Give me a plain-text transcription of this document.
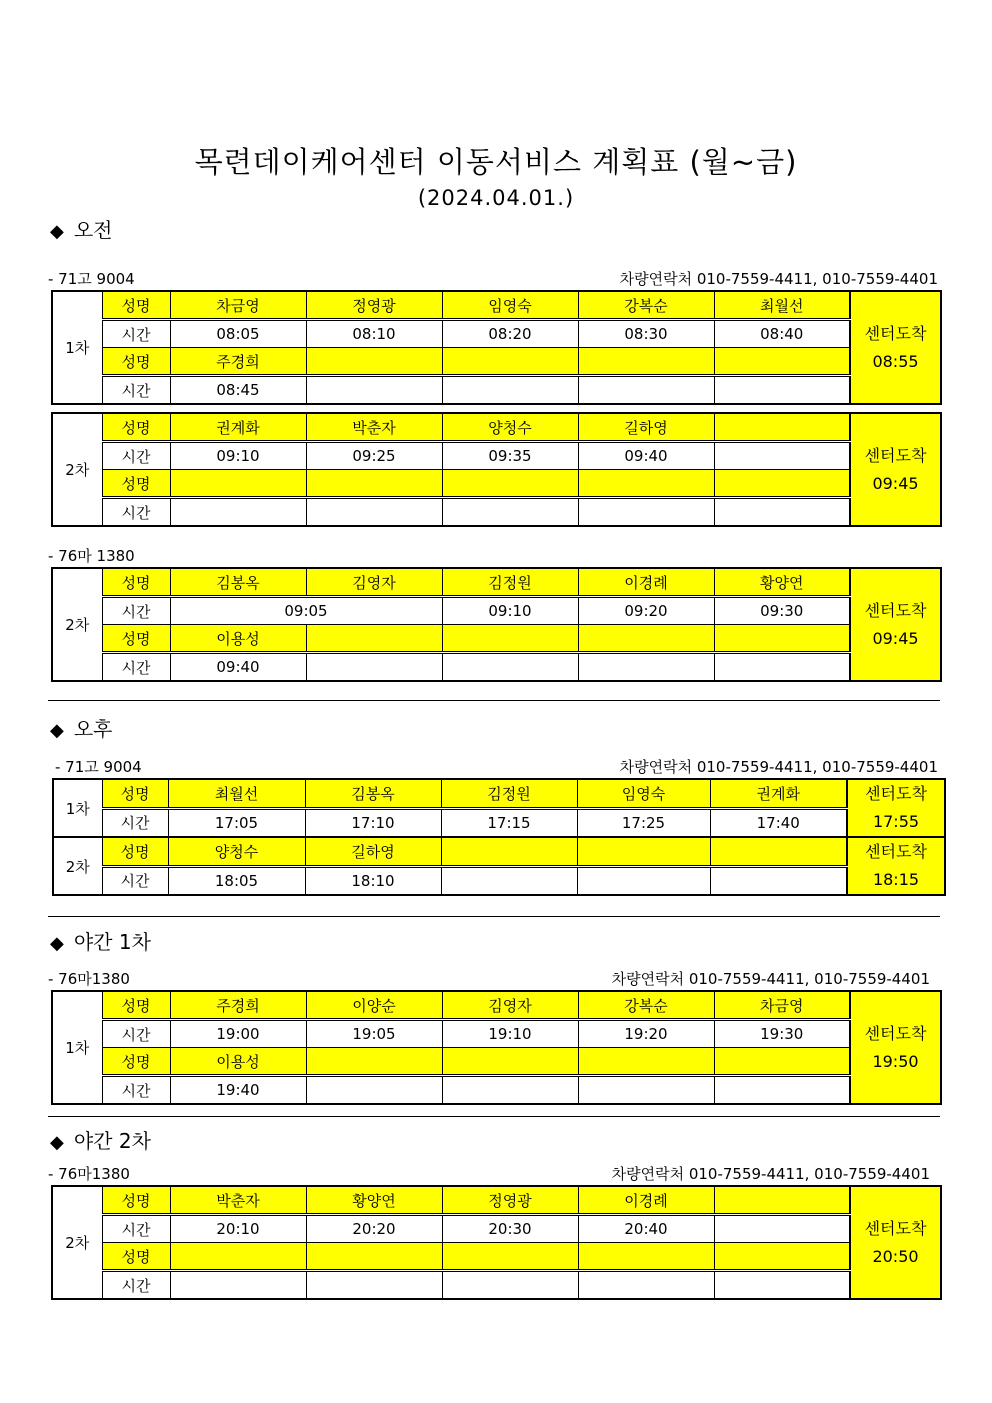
목련데이케어센터 이동서비스 계획표 (월~금)
(2024.04.01.)
◆ 오전
- 71고 9004	차량연락처 010-7559-4411, 010-7559-4401
1차	성명	차금영	정영광	임영숙	강복순	최월선	센터도착
08:55
	시간	08:05	08:10	08:20	08:30	08:40	
	성명	주경희					
	시간	08:45					
2차	성명	권계화	박춘자	양청수	길하영		센터도착
09:45
	시간	09:10	09:25	09:35	09:40		
	성명						
	시간						
- 76마 1380
2차	성명	김봉옥	김영자	김정원	이경례	황양연	센터도착
09:45
	시간	09:05		09:10	09:20	09:30	
	성명	이용성					
	시간	09:40					
◆ 오후
- 71고 9004	차량연락처 010-7559-4411, 010-7559-4401
1차	성명	최월선	김봉옥	김정원	임영숙	권계화	센터도착
17:55
	시간	17:05	17:10	17:15	17:25	17:40	
2차	성명	양청수	길하영				센터도착
18:15
	시간	18:05	18:10				
◆ 야간 1차
- 76마1380	차량연락처 010-7559-4411, 010-7559-4401
1차	성명	주경희	이양순	김영자	강복순	차금영	센터도착
19:50
	시간	19:00	19:05	19:10	19:20	19:30	
	성명	이용성					
	시간	19:40					
◆ 야간 2차
- 76마1380	차량연락처 010-7559-4411, 010-7559-4401
2차	성명	박춘자	황양연	정영광	이경례		센터도착
20:50
	시간	20:10	20:20	20:30	20:40		
	성명						
	시간						
